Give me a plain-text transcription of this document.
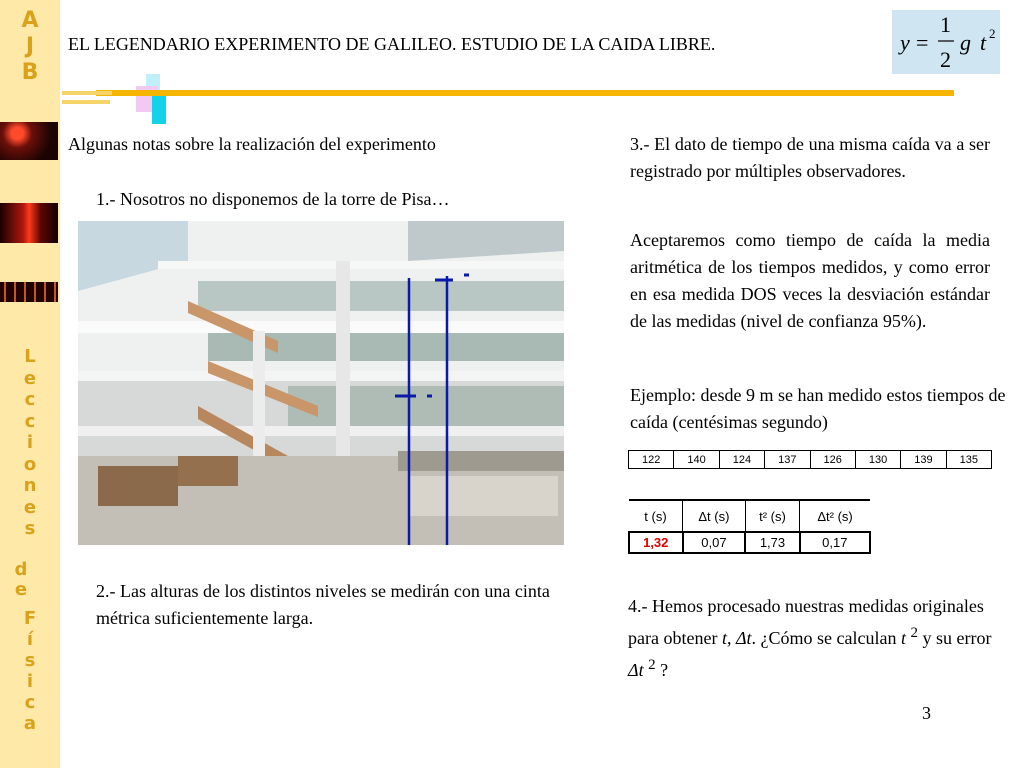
A
J
B
L
e
c
c
i
o
n
e
s
d
e
F
í
s
i
c
a
EL LEGENDARIO EXPERIMENTO DE GALILEO. ESTUDIO DE LA CAIDA LIBRE.	y =
1
2
g t 2
Algunas notas sobre la realización del experimento
1.- Nosotros no disponemos de la torre de Pisa…
2.- Las alturas de los distintos niveles se medirán con una cinta métrica suficientemente larga.
3.- El dato de tiempo de una misma caída va a ser registrado por múltiples observadores.
Aceptaremos como tiempo de caída la media aritmética de los tiempos medidos, y como error en esa medida DOS veces la desviación estándar de las medidas (nivel de confianza 95%).
Ejemplo: desde 9 m se han medido estos tiempos de caída (centésimas segundo)
122	140	124	137	126	130	139	135
t (s)	Δt (s)	t² (s)	Δt² (s)
1,32	0,07	1,73	0,17
4.- Hemos procesado nuestras medidas originales para obtener t, Δt. ¿Cómo se calculan t $^2$ y su error Δt $^2$ ?
3
